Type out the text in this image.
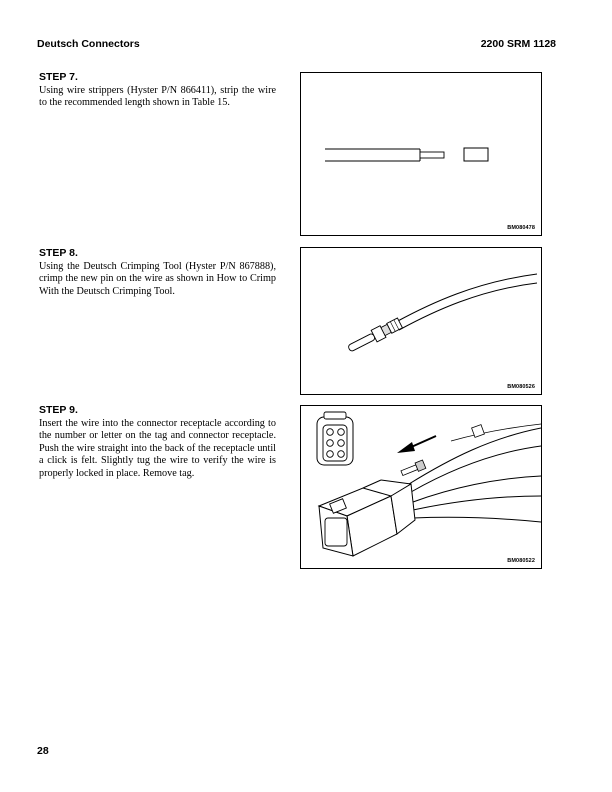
Deutsch Connectors	2200 SRM 1128
STEP 7.

Using wire strippers (Hyster P/N 866411), strip the wire to the recommended length shown in Table 15.

BM080478
STEP 8.

Using the Deutsch Crimping Tool (Hyster P/N 867888), crimp the new pin on the wire as shown in How to Crimp With the Deutsch Crimping Tool.

BM080526
STEP 9.

Insert the wire into the connector receptacle according to the number or letter on the tag and connector receptacle. Push the wire straight into the back of the receptacle until a click is felt. Slightly tug the wire to verify the wire is properly locked in place. Remove tag.

BM080522
28
